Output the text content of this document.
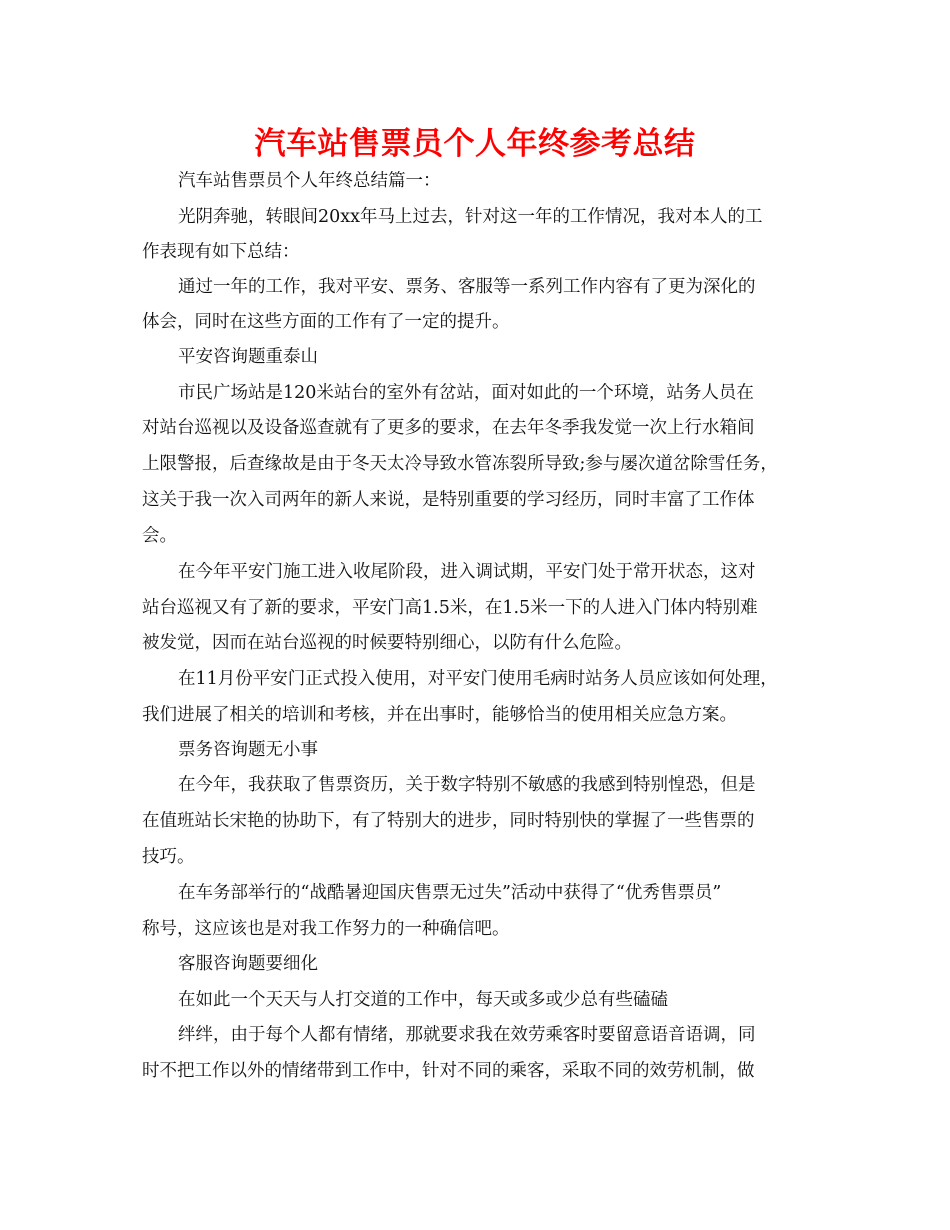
汽车站售票员个人年终参考总结

汽车站售票员个人年终总结篇一：

光阴奔驰，转眼间20xx年马上过去，针对这一年的工作情况，我对本人的工

作表现有如下总结：

通过一年的工作，我对平安、票务、客服等一系列工作内容有了更为深化的

体会，同时在这些方面的工作有了一定的提升。

平安咨询题重泰山

市民广场站是120米站台的室外有岔站，面对如此的一个环境，站务人员在

对站台巡视以及设备巡查就有了更多的要求，在去年冬季我发觉一次上行水箱间

上限警报，后查缘故是由于冬天太冷导致水管冻裂所导致;参与屡次道岔除雪任务，

这关于我一次入司两年的新人来说，是特别重要的学习经历，同时丰富了工作体

会。

在今年平安门施工进入收尾阶段，进入调试期，平安门处于常开状态，这对

站台巡视又有了新的要求，平安门高1.5米，在1.5米一下的人进入门体内特别难

被发觉，因而在站台巡视的时候要特别细心，以防有什么危险。

在11月份平安门正式投入使用，对平安门使用毛病时站务人员应该如何处理，

我们进展了相关的培训和考核，并在出事时，能够恰当的使用相关应急方案。

票务咨询题无小事

在今年，我获取了售票资历，关于数字特别不敏感的我感到特别惶恐，但是

在值班站长宋艳的协助下，有了特别大的进步，同时特别快的掌握了一些售票的

技巧。

在车务部举行的“战酷暑迎国庆售票无过失”活动中获得了“优秀售票员”

称号，这应该也是对我工作努力的一种确信吧。

客服咨询题要细化

在如此一个天天与人打交道的工作中，每天或多或少总有些磕磕

绊绊，由于每个人都有情绪，那就要求我在效劳乘客时要留意语音语调，同

时不把工作以外的情绪带到工作中，针对不同的乘客，采取不同的效劳机制，做
